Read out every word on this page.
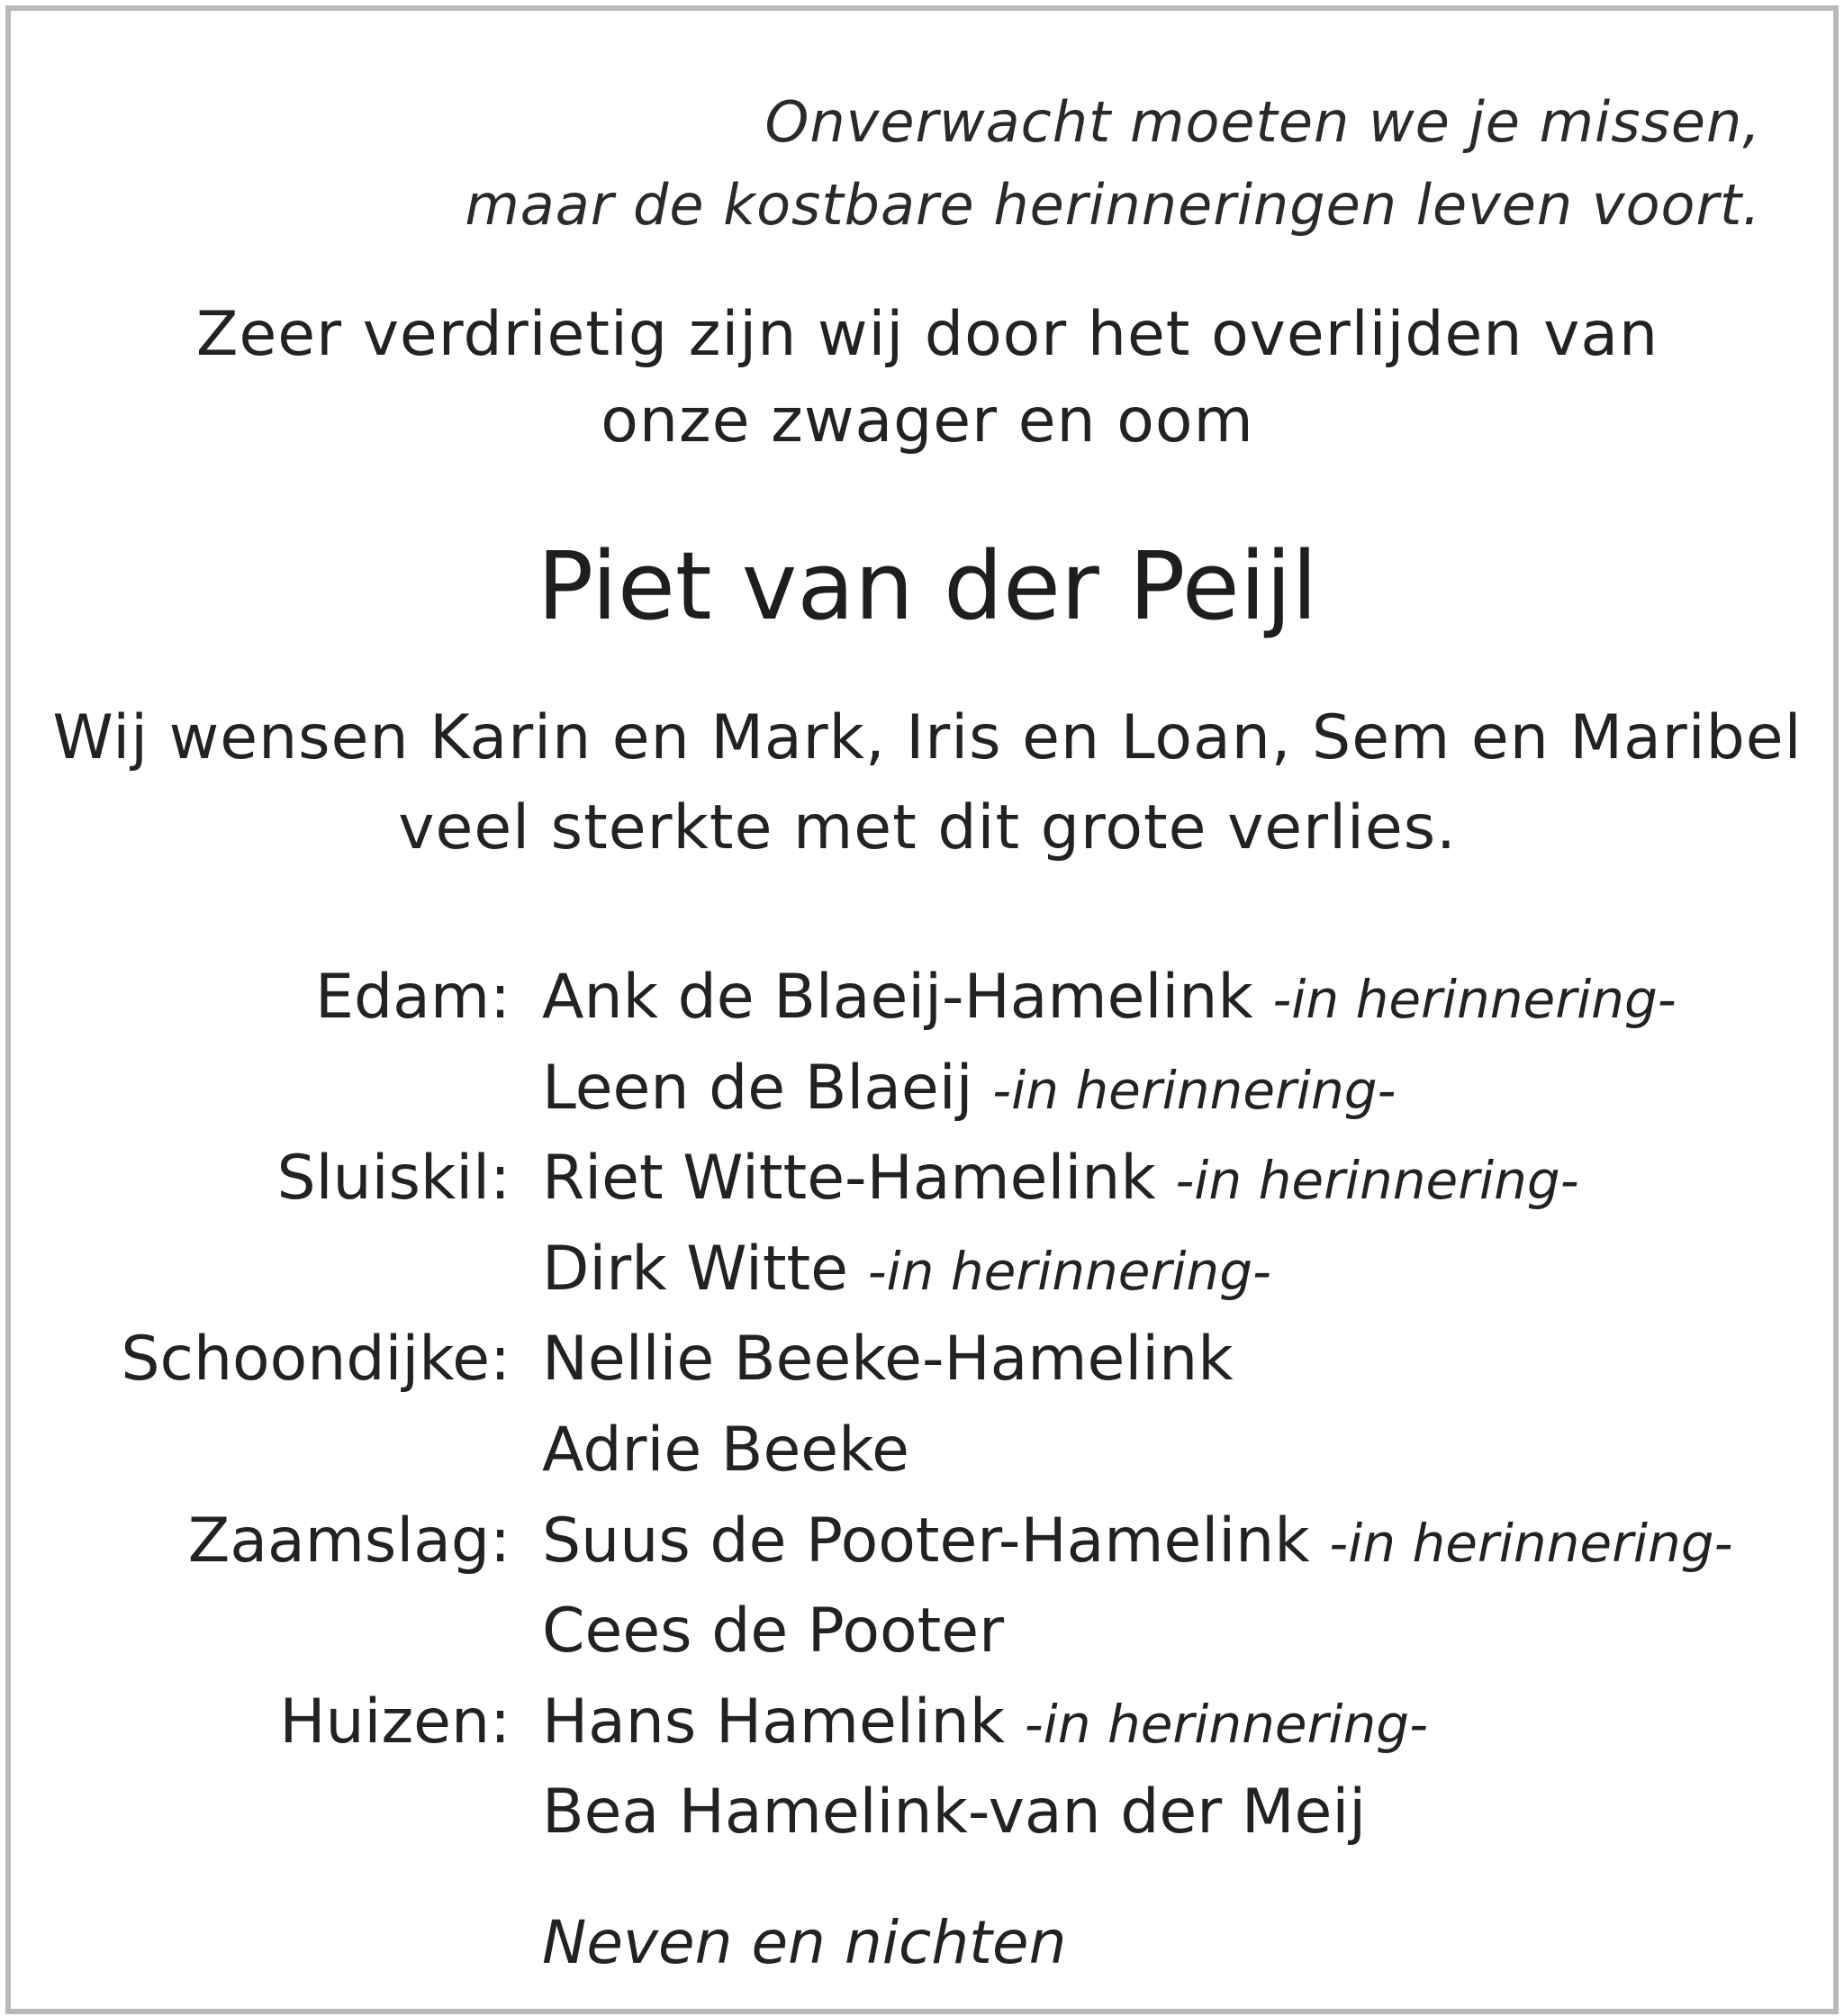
Onverwacht moeten we je missen,
maar de kostbare herinneringen leven voort.
Zeer verdrietig zijn wij door het overlijden van
onze zwager en oom
Piet van der Peijl
Wij wensen Karin en Mark, Iris en Loan, Sem en Maribel
veel sterkte met dit grote verlies.
Edam: Ank de Blaeij-Hamelink -in herinnering-
Leen de Blaeij -in herinnering-
Sluiskil: Riet Witte-Hamelink -in herinnering-
Dirk Witte -in herinnering-
Schoondijke: Nellie Beeke-Hamelink
Adrie Beeke
Zaamslag: Suus de Pooter-Hamelink -in herinnering-
Cees de Pooter
Huizen: Hans Hamelink -in herinnering-
Bea Hamelink-van der Meij
Neven en nichten
